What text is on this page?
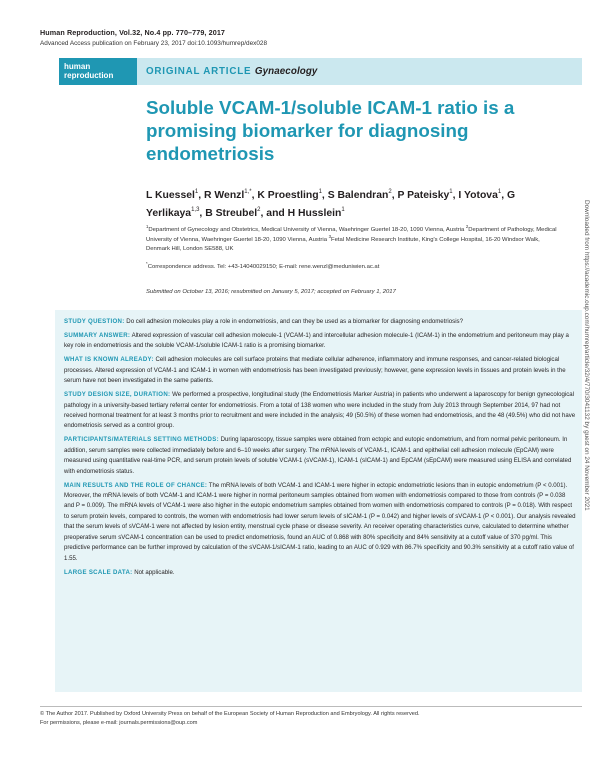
Human Reproduction, Vol.32, No.4 pp. 770–779, 2017
Advanced Access publication on February 23, 2017 doi:10.1093/humrep/dex028
human
reproduction	ORIGINAL ARTICLE Gynaecology
Soluble VCAM-1/soluble ICAM-1 ratio is a promising biomarker for diagnosing endometriosis
L Kuessel$^1$, R Wenzl$^{1,*}$, K Proestling$^1$, S Balendran$^2$, P Pateisky$^1$, I Yotova$^1$, G Yerlikaya$^{1,3}$, B Streubel$^2$, and H Husslein$^1$
$^1$Department of Gynecology and Obstetrics, Medical University of Vienna, Waehringer Guertel 18-20, 1090 Vienna, Austria $^2$Department of Pathology, Medical University of Vienna, Waehringer Guertel 18-20, 1090 Vienna, Austria $^3$Fetal Medicine Research Institute, King's College Hospital, 16-20 Windsor Walk, Denmark Hill, London SE588, UK
*Correspondence address. Tel: +43-14040029150; E-mail: rene.wenzl@meduniwien.ac.at
Submitted on October 13, 2016; resubmitted on January 5, 2017; accepted on February 1, 2017
STUDY QUESTION: Do cell adhesion molecules play a role in endometriosis, and can they be used as a biomarker for diagnosing endometriosis?
SUMMARY ANSWER: Altered expression of vascular cell adhesion molecule-1 (VCAM-1) and intercellular adhesion molecule-1 (ICAM-1) in the endometrium and peritoneum may play a key role in endometriosis and the soluble VCAM-1/soluble ICAM-1 ratio is a promising biomarker.
WHAT IS KNOWN ALREADY: Cell adhesion molecules are cell surface proteins that mediate cellular adherence, inflammatory and immune responses, and cancer-related biological processes. Altered expression of VCAM-1 and ICAM-1 in women with endometriosis has been investigated previously; however, gene expression levels in tissues and protein levels in the serum have not been investigated in the same patients.
STUDY DESIGN SIZE, DURATION: We performed a prospective, longitudinal study (the Endometriosis Marker Austria) in patients who underwent a laparoscopy for benign gynecological pathology in a university-based tertiary referral center for endometriosis. From a total of 138 women who were included in the study from July 2013 through September 2014, 97 had not received hormonal treatment for at least 3 months prior to recruitment and were included in the analysis; 49 (50.5%) of these women had endometriosis, and the 48 (49.5%) who did not have endometriosis served as a control group.
PARTICIPANTS/MATERIALS SETTING METHODS: During laparoscopy, tissue samples were obtained from ectopic and eutopic endometrium, and from normal pelvic peritoneum. In addition, serum samples were collected immediately before and 6–10 weeks after surgery. The mRNA levels of VCAM-1, ICAM-1 and epithelial cell adhesion molecule (EpCAM) were measured using quantitative real-time PCR, and serum protein levels of soluble VCAM-1 (sVCAM-1), ICAM-1 (sICAM-1) and EpCAM (sEpCAM) were measured using ELISA and correlated with endometriosis status.
MAIN RESULTS AND THE ROLE OF CHANCE: The mRNA levels of both VCAM-1 and ICAM-1 were higher in ectopic endometriotic lesions than in eutopic endometrium (P < 0.001). Moreover, the mRNA levels of both VCAM-1 and ICAM-1 were higher in normal peritoneum samples obtained from women with endometriosis compared to those from controls (P = 0.038 and P = 0.009). The mRNA levels of VCAM-1 were also higher in the eutopic endometrium samples obtained from women with endometriosis compared to controls (P = 0.018). With respect to serum protein levels, compared to controls, the women with endometriosis had lower serum levels of sICAM-1 (P = 0.042) and higher levels of sVCAM-1 (P < 0.001). Our analysis revealed that the serum levels of sVCAM-1 were not affected by lesion entity, menstrual cycle phase or disease severity. An receiver operating characteristics curve, calculated to determine whether preoperative serum sVCAM-1 concentration can be used to predict endometriosis, found an AUC of 0.868 with 80% specificity and 84% sensitivity at a cutoff value of 370 pg/ml. This predictive performance can be further improved by calculation of the sVCAM-1/sICAM-1 ratio, leading to an AUC of 0.929 with 86.7% specificity and 90.3% sensitivity at a cutoff ratio value of 1.55.
LARGE SCALE DATA: Not applicable.
© The Author 2017. Published by Oxford University Press on behalf of the European Society of Human Reproduction and Embryology. All rights reserved.
For permissions, please e-mail: journals.permissions@oup.com
Downloaded from https://academic.oup.com/humrep/article/32/4/770/3041132 by guest on 24 November 2021
